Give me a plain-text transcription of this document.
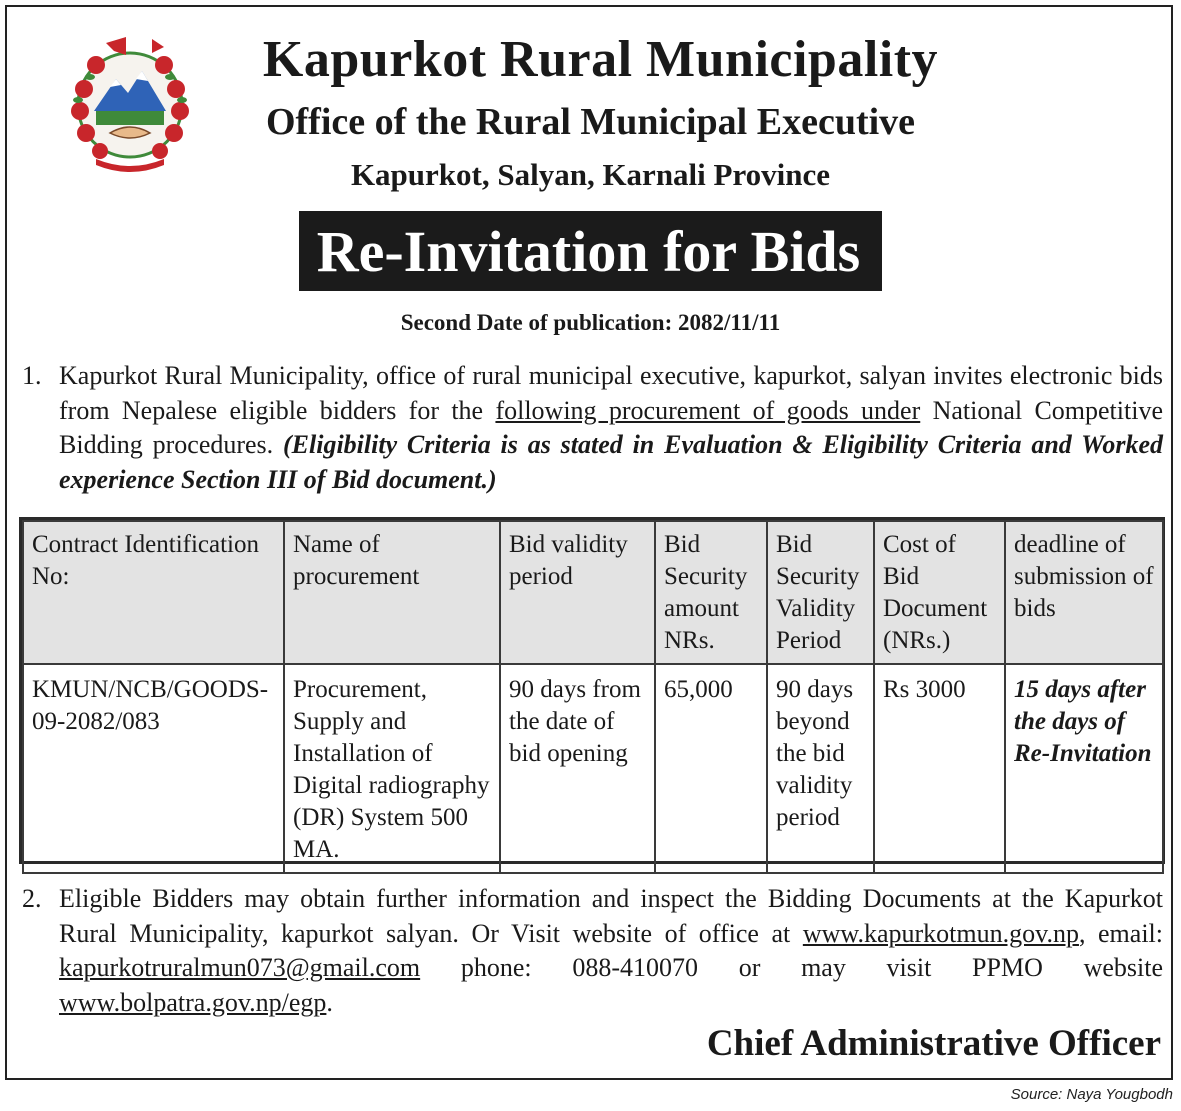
Kapurkot Rural Municipality
Office of the Rural Municipal Executive
Kapurkot, Salyan, Karnali Province
Re-Invitation for Bids

Second Date of publication: 2082/11/11

1. Kapurkot Rural Municipality, office of rural municipal executive, kapurkot, salyan invites electronic bids from Nepalese eligible bidders for the following procurement of goods under National Competitive Bidding procedures. (Eligibility Criteria is as stated in Evaluation & Eligibility Criteria and Worked experience Section III of Bid document.)
Contract Identification No:	Name of procurement	Bid validity period	Bid Security amount NRs.	Bid Security Validity Period	Cost of Bid Document (NRs.)	deadline of submission of bids
KMUN/NCB/GOODS-09-2082/083	Procurement, Supply and Installation of Digital radiography (DR) System 500 MA.	90 days from the date of bid opening	65,000	90 days beyond the bid validity period	Rs 3000	15 days after the days of Re-Invitation
2. Eligible Bidders may obtain further information and inspect the Bidding Documents at the Kapurkot Rural Municipality, kapurkot salyan. Or Visit website of office at www.kapurkotmun.gov.np, email: kapurkotruralmun073@gmail.com phone: 088-410070 or may visit PPMO website www.bolpatra.gov.np/egp.

Chief Administrative Officer

Source: Naya Yougbodh
